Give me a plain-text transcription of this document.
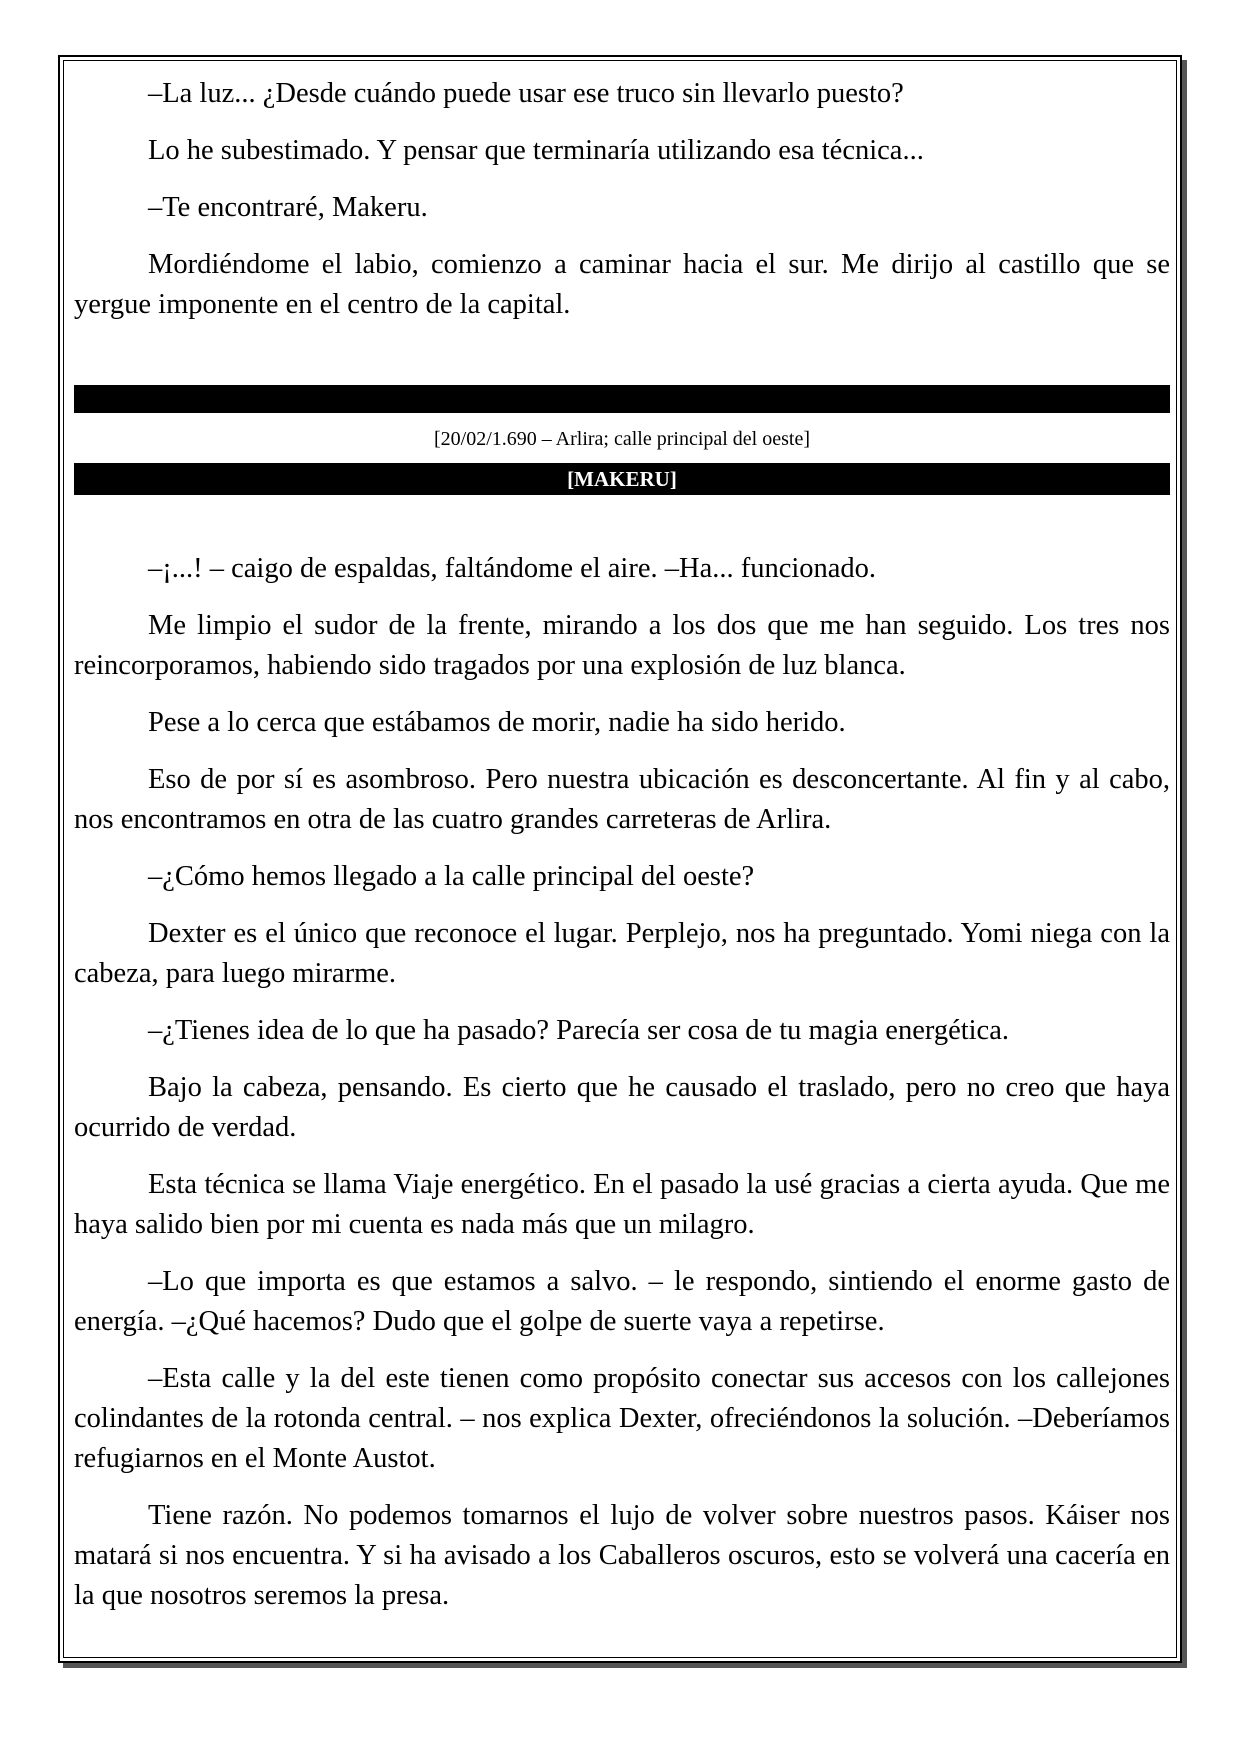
–La luz... ¿Desde cuándo puede usar ese truco sin llevarlo puesto?

Lo he subestimado. Y pensar que terminaría utilizando esa técnica...

–Te encontraré, Makeru.

Mordiéndome el labio, comienzo a caminar hacia el sur. Me dirijo al castillo que se yergue imponente en el centro de la capital.

[20/02/1.690 – Arlira; calle principal del oeste]
[MAKERU]

–¡...! – caigo de espaldas, faltándome el aire. –Ha... funcionado.

Me limpio el sudor de la frente, mirando a los dos que me han seguido. Los tres nos reincorporamos, habiendo sido tragados por una explosión de luz blanca.

Pese a lo cerca que estábamos de morir, nadie ha sido herido.

Eso de por sí es asombroso. Pero nuestra ubicación es desconcertante. Al fin y al cabo, nos encontramos en otra de las cuatro grandes carreteras de Arlira.

–¿Cómo hemos llegado a la calle principal del oeste?

Dexter es el único que reconoce el lugar. Perplejo, nos ha preguntado. Yomi niega con la cabeza, para luego mirarme.

–¿Tienes idea de lo que ha pasado? Parecía ser cosa de tu magia energética.

Bajo la cabeza, pensando. Es cierto que he causado el traslado, pero no creo que haya ocurrido de verdad.

Esta técnica se llama Viaje energético. En el pasado la usé gracias a cierta ayuda. Que me haya salido bien por mi cuenta es nada más que un milagro.

–Lo que importa es que estamos a salvo. – le respondo, sintiendo el enorme gasto de energía. –¿Qué hacemos? Dudo que el golpe de suerte vaya a repetirse.

–Esta calle y la del este tienen como propósito conectar sus accesos con los callejones colindantes de la rotonda central. – nos explica Dexter, ofreciéndonos la solución. –Deberíamos refugiarnos en el Monte Austot.

Tiene razón. No podemos tomarnos el lujo de volver sobre nuestros pasos. Káiser nos matará si nos encuentra. Y si ha avisado a los Caballeros oscuros, esto se volverá una cacería en la que nosotros seremos la presa.
